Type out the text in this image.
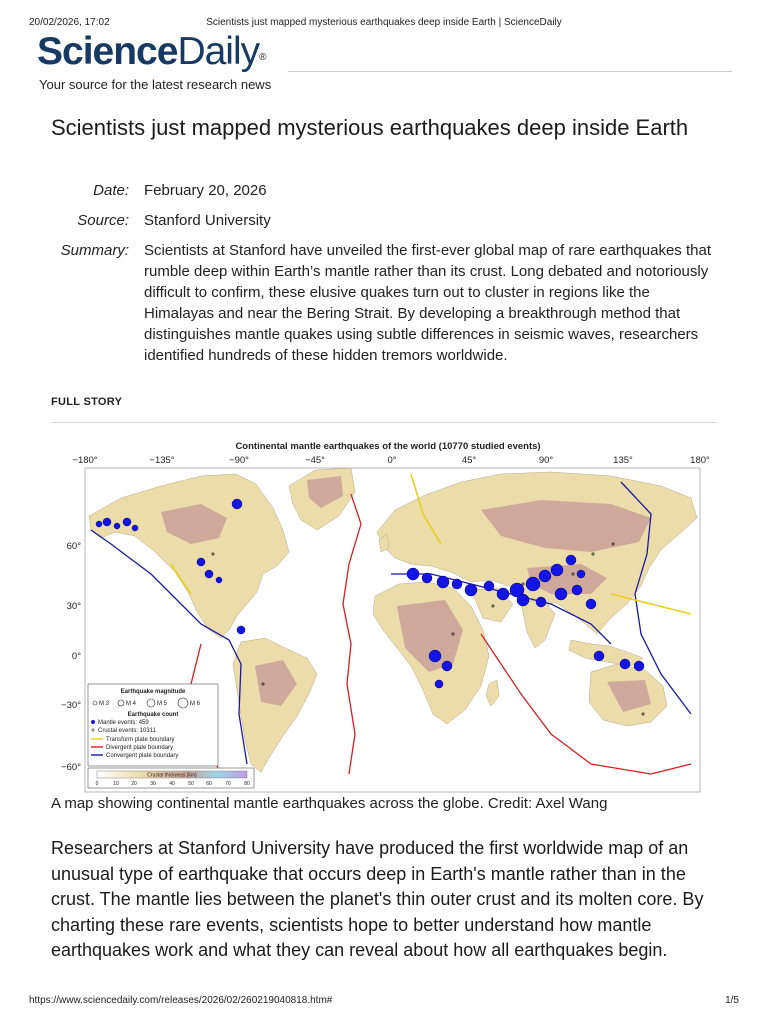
20/02/2026, 17:02	Scientists just mapped mysterious earthquakes deep inside Earth | ScienceDaily
ScienceDaily®
Your source for the latest research news
Scientists just mapped mysterious earthquakes deep inside Earth
Date: February 20, 2026
Source: Stanford University
Summary: Scientists at Stanford have unveiled the first-ever global map of rare earthquakes that rumble deep within Earth’s mantle rather than its crust. Long debated and notoriously difficult to confirm, these elusive quakes turn out to cluster in regions like the Himalayas and near the Bering Strait. By developing a breakthrough method that distinguishes mantle quakes using subtle differences in seismic waves, researchers identified hundreds of these hidden tremors worldwide.
FULL STORY
Continental mantle earthquakes of the world (10770 studied events)
−180°	−135°	−90°	−45°	0°	45°	90°	135°	180°
60°
30°
0°
−30°
−60°
Earthquake magnitude
M 3	M 4	M 5	M 6
Earthquake count
Mantle events: 459
Crustal events: 10311
Transform plate boundary
Divergent plate boundary
Convergent plate boundary
Crustal thickness (km)
0	10 20	30	40	50 60	70	80
A map showing continental mantle earthquakes across the globe. Credit: Axel Wang

Researchers at Stanford University have produced the first worldwide map of an unusual type of earthquake that occurs deep in Earth's mantle rather than in the crust. The mantle lies between the planet's thin outer crust and its molten core. By charting these rare events, scientists hope to better understand how mantle earthquakes work and what they can reveal about how all earthquakes begin.

https://www.sciencedaily.com/releases/2026/02/260219040818.htm#	1/5
